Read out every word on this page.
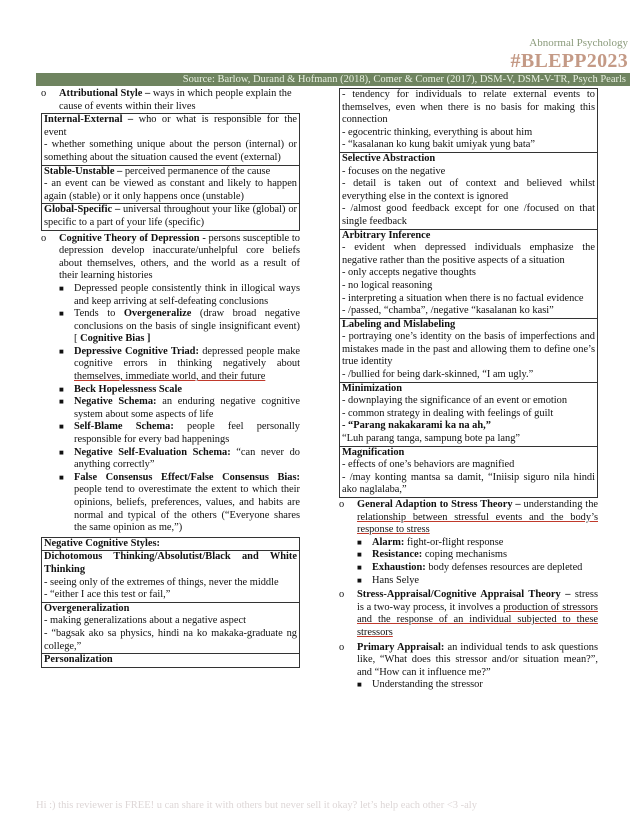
Abnormal Psychology
#BLEPP2023
Source: Barlow, Durand & Hofmann (2018), Comer & Comer (2017), DSM-V, DSM-V-TR, Psych Pearls
o	Attributional Style – ways in which people explain the cause of events within their lives

Internal-External – who or what is responsible for the event

- whether something unique about the person (internal) or something about the situation caused the event (external)

Stable-Unstable – perceived permanence of the cause

- an event can be viewed as constant and likely to happen again (stable) or it only happens once (unstable)

Global-Specific – universal throughout your like (global) or specific to a part of your life (specific)

o	Cognitive Theory of Depression - persons susceptible to depression develop inaccurate/unhelpful core beliefs about themselves, others, and the world as a result of their learning histories
■ Depressed people consistently think in illogical ways and keep arriving at self-defeating conclusions
■ Tends to Overgeneralize (draw broad negative conclusions on the basis of single insignificant event) [ Cognitive Bias ]
■ Depressive Cognitive Triad: depressed people make cognitive errors in thinking negatively about themselves, immediate world, and their future
■ Beck Hopelessness Scale
■ Negative Schema: an enduring negative cognitive system about some aspects of life
■ Self-Blame Schema: people feel personally responsible for every bad happenings
■ Negative Self-Evaluation Schema: “can never do anything correctly”
■ False Consensus Effect/False Consensus Bias: people tend to overestimate the extent to which their opinions, beliefs, preferences, values, and habits are normal and typical of the others (“Everyone shares the same opinion as me,”)
Negative Cognitive Styles:

Dichotomous Thinking/Absolutist/Black and White Thinking

- seeing only of the extremes of things, never the middle

- “either I ace this test or fail,”

Overgeneralization

- making generalizations about a negative aspect

- “bagsak ako sa physics, hindi na ko makaka-graduate ng college,”

Personalization

- tendency for individuals to relate external events to themselves, even when there is no basis for making this connection

- egocentric thinking, everything is about him

- “kasalanan ko kung bakit umiyak yung bata”

Selective Abstraction

- focuses on the negative

- detail is taken out of context and believed whilst everything else in the context is ignored

- /almost good feedback except for one /focused on that single feedback

Arbitrary Inference

- evident when depressed individuals emphasize the negative rather than the positive aspects of a situation

- only accepts negative thoughts

- no logical reasoning

- interpreting a situation when there is no factual evidence

- /passed, “chamba”, /negative “kasalanan ko kasi”

Labeling and Mislabeling

- portraying one’s identity on the basis of imperfections and mistakes made in the past and allowing them to define one’s true identity

- /bullied for being dark-skinned, “I am ugly.”

Minimization

- downplaying the significance of an event or emotion

- common strategy in dealing with feelings of guilt

- “Parang nakakarami ka na ah,”

“Luh parang tanga, sampung bote pa lang”

Magnification

- effects of one’s behaviors are magnified

- /may konting mantsa sa damit, “Iniisip siguro nila hindi ako naglalaba,”

o	General Adaption to Stress Theory – understanding the relationship between stressful events and the body’s response to stress
■ Alarm: fight-or-flight response
■ Resistance: coping mechanisms
■ Exhaustion: body defenses resources are depleted
■ Hans Selye
o	Stress-Appraisal/Cognitive Appraisal Theory – stress is a two-way process, it involves a production of stressors and the response of an individual subjected to these stressors
o	Primary Appraisal: an individual tends to ask questions like, “What does this stressor and/or situation mean?”, and “How can it influence me?”
■ Understanding the stressor
Hi :) this reviewer is FREE! u can share it with others but never sell it okay? let’s help each other <3 -aly
